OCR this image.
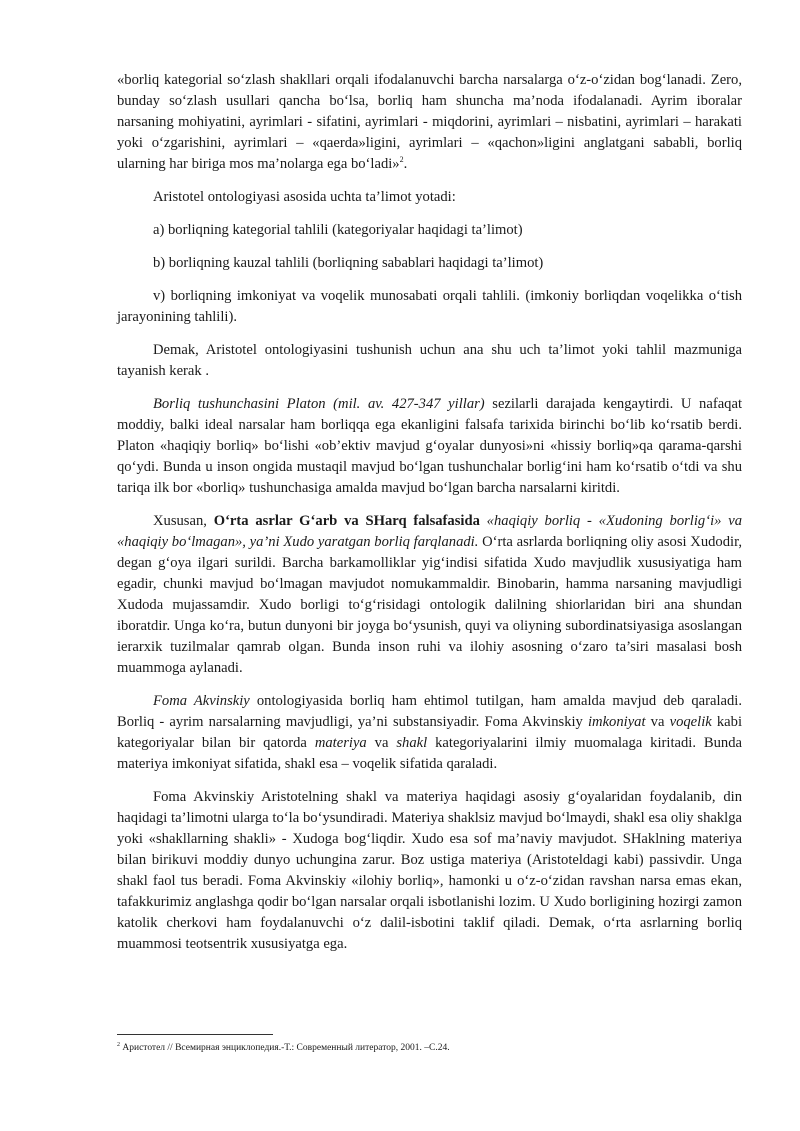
«borliq kategorial so‘zlash shakllari orqali ifodalanuvchi barcha narsalarga o‘z-o‘zidan bog‘lanadi. Zero, bunday so‘zlash usullari qancha bo‘lsa, borliq ham shuncha ma’noda ifodalanadi. Ayrim iboralar narsaning mohiyatini, ayrimlari - sifatini, ayrimlari - miqdorini, ayrimlari – nisbatini, ayrimlari – harakati yoki o‘zgarishini, ayrimlari – «qaerda»ligini, ayrimlari – «qachon»ligini anglatgani sababli, borliq ularning har biriga mos ma’nolarga ega bo‘ladi»$^2$.

Aristotel ontologiyasi asosida uchta ta’limot yotadi:

a) borliqning kategorial tahlili (kategoriyalar haqidagi ta’limot)

b) borliqning kauzal tahlili (borliqning sabablari haqidagi ta’limot)

v) borliqning imkoniyat va voqelik munosabati orqali tahlili. (imkoniy borliqdan voqelikka o‘tish jarayonining tahlili).

Demak, Aristotel ontologiyasini tushunish uchun ana shu uch ta’limot yoki tahlil mazmuniga tayanish kerak .

Borliq tushunchasini Platon (mil. av. 427-347 yillar) sezilarli darajada kengaytirdi. U nafaqat moddiy, balki ideal narsalar ham borliqqa ega ekanligini falsafa tarixida birinchi bo‘lib ko‘rsatib berdi. Platon «haqiqiy borliq» bo‘lishi «ob’ektiv mavjud g‘oyalar dunyosi»ni «hissiy borliq»qa qarama-qarshi qo‘ydi. Bunda u inson ongida mustaqil mavjud bo‘lgan tushunchalar borlig‘ini ham ko‘rsatib o‘tdi va shu tariqa ilk bor «borliq» tushunchasiga amalda mavjud bo‘lgan barcha narsalarni kiritdi.

Xususan, O‘rta asrlar G‘arb va SHarq falsafasida «haqiqiy borliq - «Xudoning borlig‘i» va «haqiqiy bo‘lmagan», ya’ni Xudo yaratgan borliq farqlanadi. O‘rta asrlarda borliqning oliy asosi Xudodir, degan g‘oya ilgari surildi. Barcha barkamolliklar yig‘indisi sifatida Xudo mavjudlik xususiyatiga ham egadir, chunki mavjud bo‘lmagan mavjudot nomukammaldir. Binobarin, hamma narsaning mavjudligi Xudoda mujassamdir. Xudo borligi to‘g‘risidagi ontologik dalilning shiorlaridan biri ana shundan iboratdir. Unga ko‘ra, butun dunyoni bir joyga bo‘ysunish, quyi va oliyning subordinatsiyasiga asoslangan ierarxik tuzilmalar qamrab olgan. Bunda inson ruhi va ilohiy asosning o‘zaro ta’siri masalasi bosh muammoga aylanadi.

Foma Akvinskiy ontologiyasida borliq ham ehtimol tutilgan, ham amalda mavjud deb qaraladi. Borliq - ayrim narsalarning mavjudligi, ya’ni substansiyadir. Foma Akvinskiy imkoniyat va voqelik kabi kategoriyalar bilan bir qatorda materiya va shakl kategoriyalarini ilmiy muomalaga kiritadi. Bunda materiya imkoniyat sifatida, shakl esa – voqelik sifatida qaraladi.

Foma Akvinskiy Aristotelning shakl va materiya haqidagi asosiy g‘oyalaridan foydalanib, din haqidagi ta’limotni ularga to‘la bo‘ysundiradi. Materiya shaklsiz mavjud bo‘lmaydi, shakl esa oliy shaklga yoki «shakllarning shakli» - Xudoga bog‘liqdir. Xudo esa sof ma’naviy mavjudot. SHaklning materiya bilan birikuvi moddiy dunyo uchungina zarur. Boz ustiga materiya (Aristoteldagi kabi) passivdir. Unga shakl faol tus beradi. Foma Akvinskiy «ilohiy borliq», hamonki u o‘z-o‘zidan ravshan narsa emas ekan, tafakkurimiz anglashga qodir bo‘lgan narsalar orqali isbotlanishi lozim. U Xudo borligining hozirgi zamon katolik cherkovi ham foydalanuvchi o‘z dalil-isbotini taklif qiladi. Demak, o‘rta asrlarning borliq muammosi teotsentrik xususiyatga ega.

$^2$ Аристотел // Всемирная энциклопедия.-Т.: Современный литератор, 2001. –С.24.
